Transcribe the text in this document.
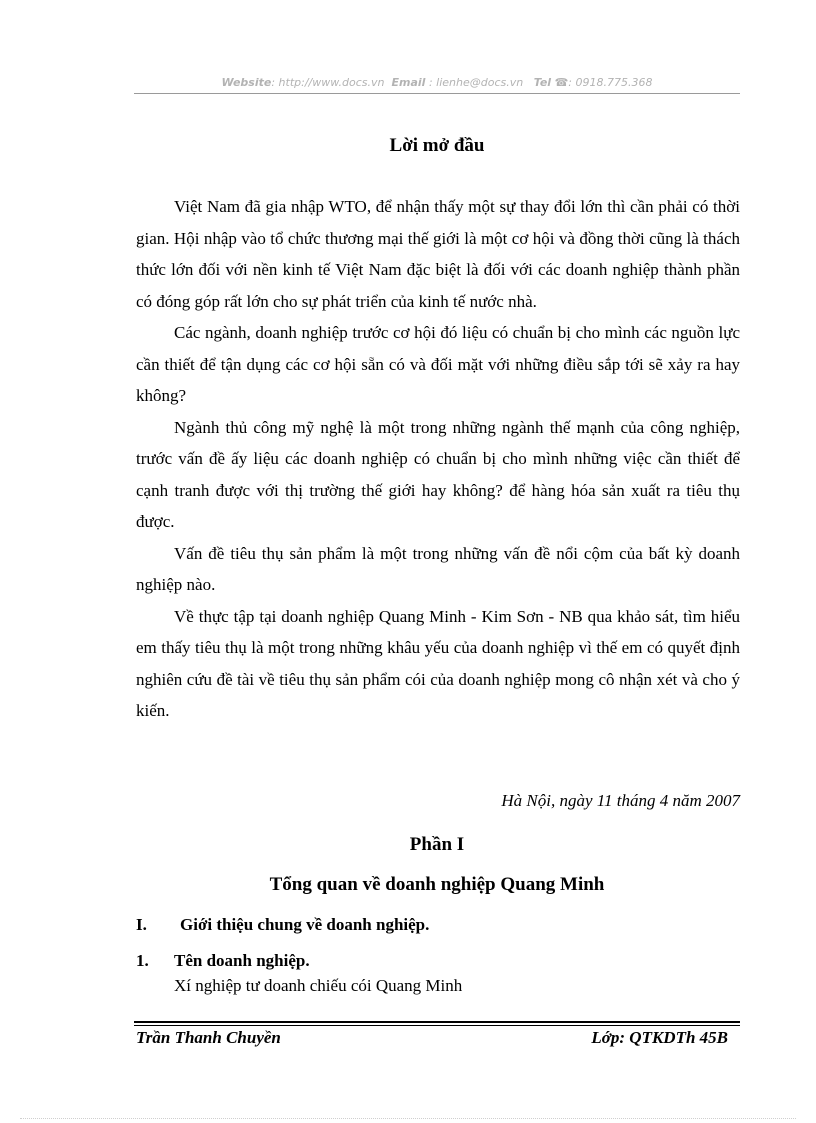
Website: http://www.docs.vn Email : lienhe@docs.vn Tel ☎: 0918.775.368
Lời mở đầu

Việt Nam đã gia nhập WTO, để nhận thấy một sự thay đổi lớn thì cần phải có thời gian. Hội nhập vào tổ chức thương mại thế giới là một cơ hội và đồng thời cũng là thách thức lớn đối với nền kinh tế Việt Nam đặc biệt là đối với các doanh nghiệp thành phần có đóng góp rất lớn cho sự phát triển của kinh tế nước nhà.

Các ngành, doanh nghiệp trước cơ hội đó liệu có chuẩn bị cho mình các nguồn lực cần thiết để tận dụng các cơ hội sẵn có và đối mặt với những điều sắp tới sẽ xảy ra hay không?

Ngành thủ công mỹ nghệ là một trong những ngành thế mạnh của công nghiệp, trước vấn đề ấy liệu các doanh nghiệp có chuẩn bị cho mình những việc cần thiết để cạnh tranh được với thị trường thế giới hay không? để hàng hóa sản xuất ra tiêu thụ được.

Vấn đề tiêu thụ sản phẩm là một trong những vấn đề nổi cộm của bất kỳ doanh nghiệp nào.

Về thực tập tại doanh nghiệp Quang Minh - Kim Sơn - NB qua khảo sát, tìm hiểu em thấy tiêu thụ là một trong những khâu yếu của doanh nghiệp vì thế em có quyết định nghiên cứu đề tài về tiêu thụ sản phẩm cói của doanh nghiệp mong cô nhận xét và cho ý kiến.

Hà Nội, ngày 11 tháng 4 năm 2007
Phần I
Tổng quan về doanh nghiệp Quang Minh
I. Giới thiệu chung về doanh nghiệp.
1. Tên doanh nghiệp.
Xí nghiệp tư doanh chiếu cói Quang Minh
Trần Thanh Chuyền	Lớp: QTKDTh 45B
